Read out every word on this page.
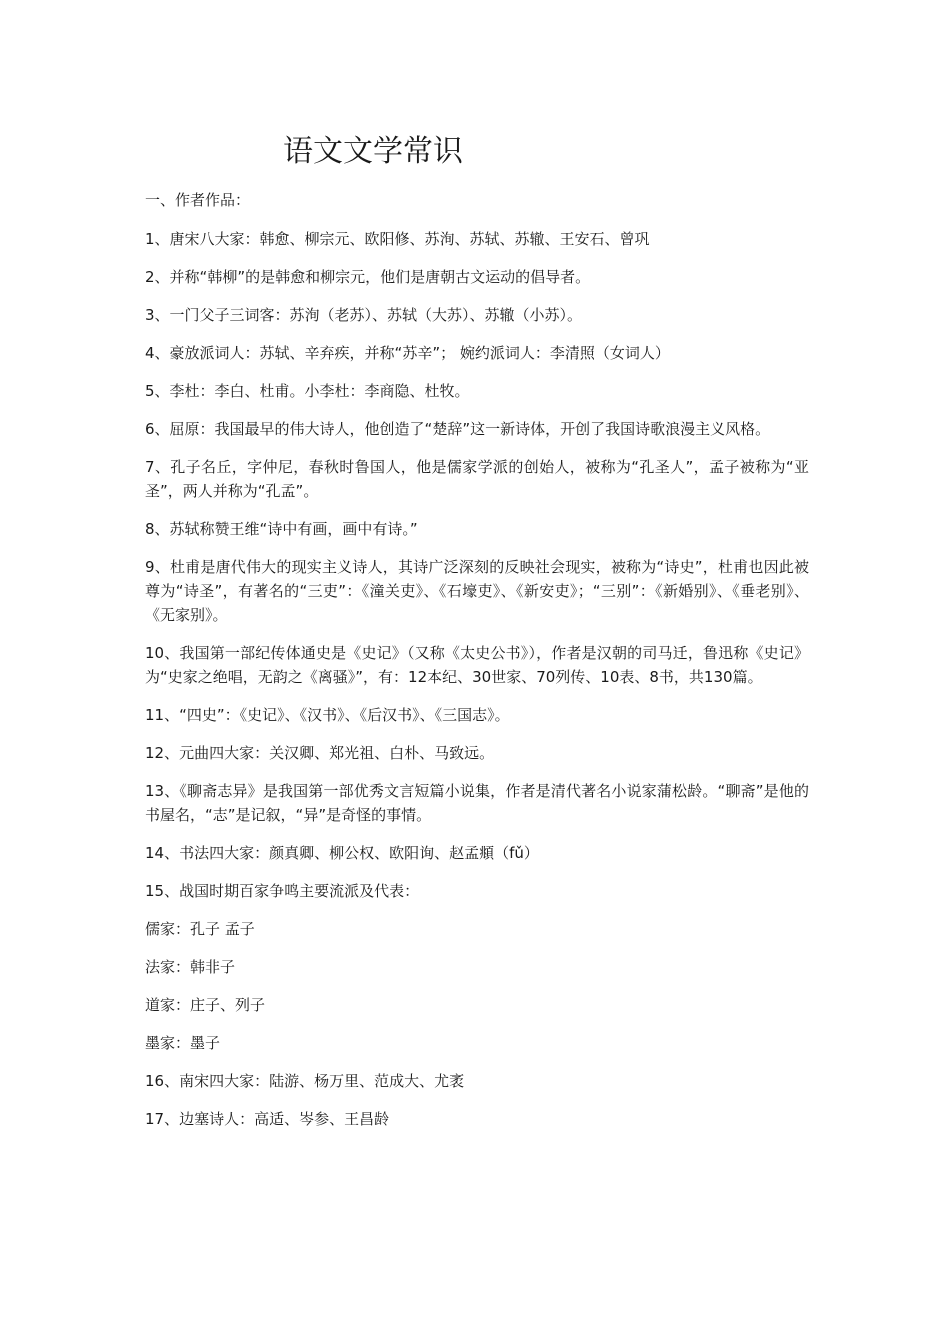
语文文学常识

一、作者作品：

1、唐宋八大家：韩愈、柳宗元、欧阳修、苏洵、苏轼、苏辙、王安石、曾巩

2、并称“韩柳”的是韩愈和柳宗元，他们是唐朝古文运动的倡导者。

3、一门父子三词客：苏洵（老苏）、苏轼（大苏）、苏辙（小苏）。

4、豪放派词人：苏轼、辛弃疾，并称“苏辛”； 婉约派词人：李清照（女词人）

5、李杜：李白、杜甫。小李杜：李商隐、杜牧。

6、屈原：我国最早的伟大诗人，他创造了“楚辞”这一新诗体，开创了我国诗歌浪漫主义风格。

7、孔子名丘，字仲尼，春秋时鲁国人，他是儒家学派的创始人，被称为“孔圣人”，孟子被称为“亚圣”，两人并称为“孔孟”。

8、苏轼称赞王维“诗中有画，画中有诗。”

9、杜甫是唐代伟大的现实主义诗人，其诗广泛深刻的反映社会现实，被称为“诗史”，杜甫也因此被尊为“诗圣”，有著名的“三吏”：《潼关吏》、《石壕吏》、《新安吏》；“三别”：《新婚别》、《垂老别》、《无家别》。

10、我国第一部纪传体通史是《史记》（又称《太史公书》），作者是汉朝的司马迁，鲁迅称《史记》为“史家之绝唱，无韵之《离骚》”，有：12本纪、30世家、70列传、10表、8书，共130篇。

11、“四史”：《史记》、《汉书》、《后汉书》、《三国志》。

12、元曲四大家：关汉卿、郑光祖、白朴、马致远。

13、《聊斋志异》是我国第一部优秀文言短篇小说集，作者是清代著名小说家蒲松龄。“聊斋”是他的书屋名，“志”是记叙，“异”是奇怪的事情。

14、书法四大家：颜真卿、柳公权、欧阳询、赵孟頫（fǔ）

15、战国时期百家争鸣主要流派及代表：

儒家：孔子 孟子

法家：韩非子

道家：庄子、列子

墨家：墨子

16、南宋四大家：陆游、杨万里、范成大、尤袤

17、边塞诗人：高适、岑参、王昌龄
